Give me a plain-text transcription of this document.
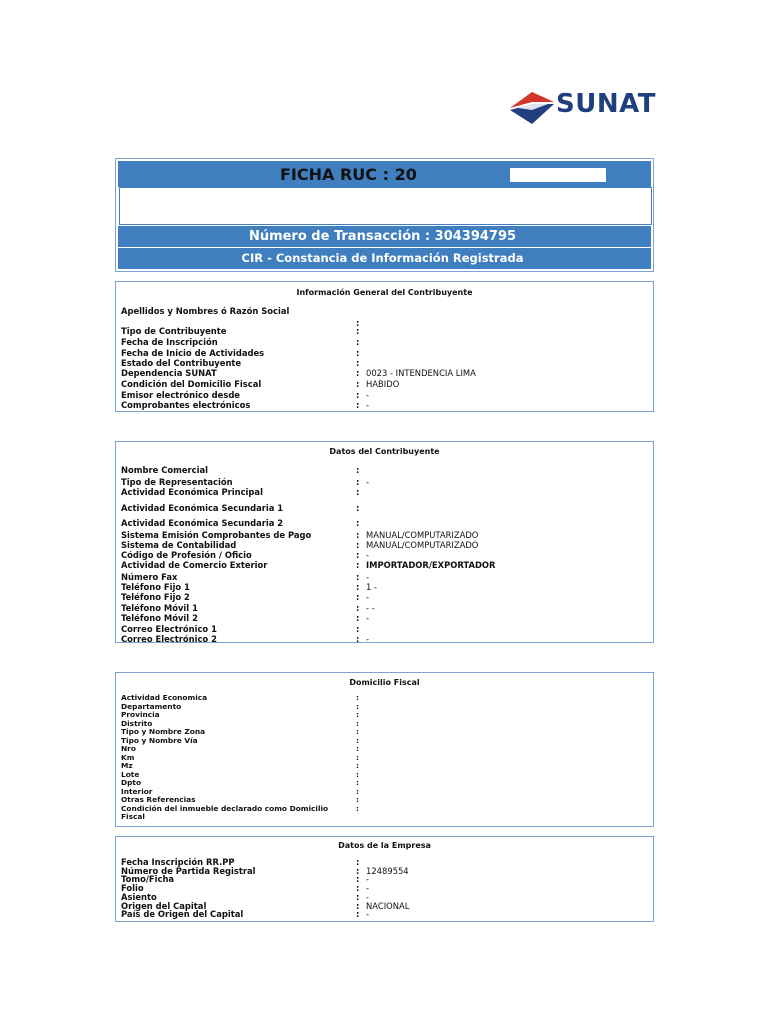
SUNAT
FICHA RUC : 20
Número de Transacción : 304394795
CIR - Constancia de Información Registrada
Información General del Contribuyente
Apellidos y Nombres ó Razón Social
:
Tipo de Contribuyente	:
Fecha de Inscripción	:
Fecha de Inicio de Actividades	:
Estado del Contribuyente	:
Dependencia SUNAT	: 0023 - INTENDENCIA LIMA
Condición del Domicilio Fiscal	: HABIDO
Emisor electrónico desde	: -
Comprobantes electrónicos	: -
Datos del Contribuyente
Nombre Comercial	:
Tipo de Representación	: -
Actividad Económica Principal	:
Actividad Económica Secundaria 1	:
Actividad Económica Secundaria 2	:
Sistema Emisión Comprobantes de Pago	: MANUAL/COMPUTARIZADO
Sistema de Contabilidad	: MANUAL/COMPUTARIZADO
Código de Profesión / Oficio	: -
Actividad de Comercio Exterior	: IMPORTADOR/EXPORTADOR
Número Fax	: -
Teléfono Fijo 1	: 1 -
Teléfono Fijo 2	: -
Teléfono Móvil 1	: - -
Teléfono Móvil 2	: -
Correo Electrónico 1	:
Correo Electrónico 2	: -
Domicilio Fiscal
Actividad Economica	:
Departamento	:
Provincia	:
Distrito	:
Tipo y Nombre Zona	:
Tipo y Nombre Vía	:
Nro	:
Km	:
Mz	:
Lote	:
Dpto	:
Interior	:
Otras Referencias	:
Condición del inmueble declarado como Domicilio	:
Fiscal
Datos de la Empresa
Fecha Inscripción RR.PP	:
Número de Partida Registral	: 12489554
Tomo/Ficha	: -
Folio	: -
Asiento	: -
Origen del Capital	: NACIONAL
País de Origen del Capital	: -
